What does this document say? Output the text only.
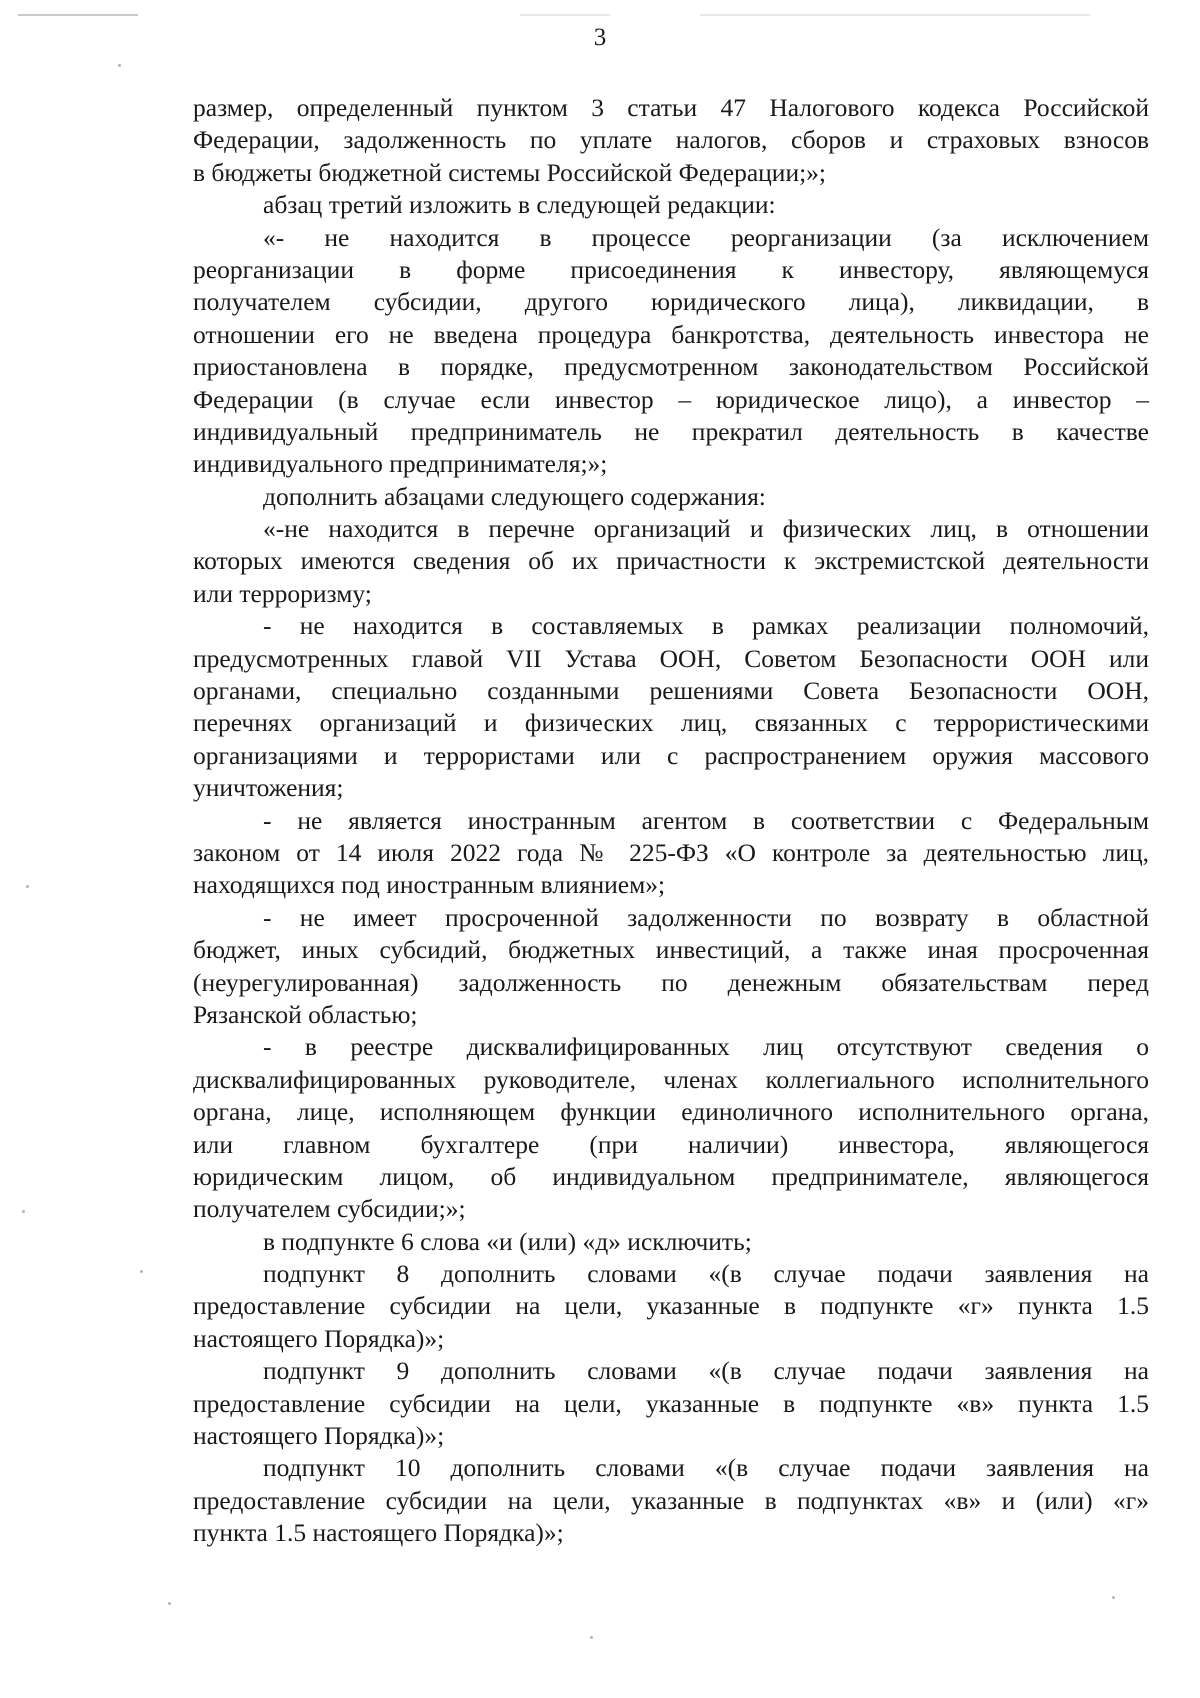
3
размер, определенный пунктом 3 статьи 47 Налогового кодекса Российской
Федерации, задолженность по уплате налогов, сборов и страховых взносов
в бюджеты бюджетной системы Российской Федерации;»;
абзац третий изложить в следующей редакции:
«- не находится в процессе реорганизации (за исключением
реорганизации в форме присоединения к инвестору, являющемуся
получателем субсидии, другого юридического лица), ликвидации, в
отношении его не введена процедура банкротства, деятельность инвестора не
приостановлена в порядке, предусмотренном законодательством Российской
Федерации (в случае если инвестор – юридическое лицо), а инвестор –
индивидуальный предприниматель не прекратил деятельность в качестве
индивидуального предпринимателя;»;
дополнить абзацами следующего содержания:
«-не находится в перечне организаций и физических лиц, в отношении
которых имеются сведения об их причастности к экстремистской деятельности
или терроризму;
- не находится в составляемых в рамках реализации полномочий,
предусмотренных главой VII Устава ООН, Советом Безопасности ООН или
органами, специально созданными решениями Совета Безопасности ООН,
перечнях организаций и физических лиц, связанных с террористическими
организациями и террористами или с распространением оружия массового
уничтожения;
- не является иностранным агентом в соответствии с Федеральным
законом от 14 июля 2022 года № 225-ФЗ «О контроле за деятельностью лиц,
находящихся под иностранным влиянием»;
- не имеет просроченной задолженности по возврату в областной
бюджет, иных субсидий, бюджетных инвестиций, а также иная просроченная
(неурегулированная) задолженность по денежным обязательствам перед
Рязанской областью;
- в реестре дисквалифицированных лиц отсутствуют сведения о
дисквалифицированных руководителе, членах коллегиального исполнительного
органа, лице, исполняющем функции единоличного исполнительного органа,
или главном бухгалтере (при наличии) инвестора, являющегося
юридическим лицом, об индивидуальном предпринимателе, являющегося
получателем субсидии;»;
в подпункте 6 слова «и (или) «д» исключить;
подпункт 8 дополнить словами «(в случае подачи заявления на
предоставление субсидии на цели, указанные в подпункте «г» пункта 1.5
настоящего Порядка)»;
подпункт 9 дополнить словами «(в случае подачи заявления на
предоставление субсидии на цели, указанные в подпункте «в» пункта 1.5
настоящего Порядка)»;
подпункт 10 дополнить словами «(в случае подачи заявления на
предоставление субсидии на цели, указанные в подпунктах «в» и (или) «г»
пункта 1.5 настоящего Порядка)»;
